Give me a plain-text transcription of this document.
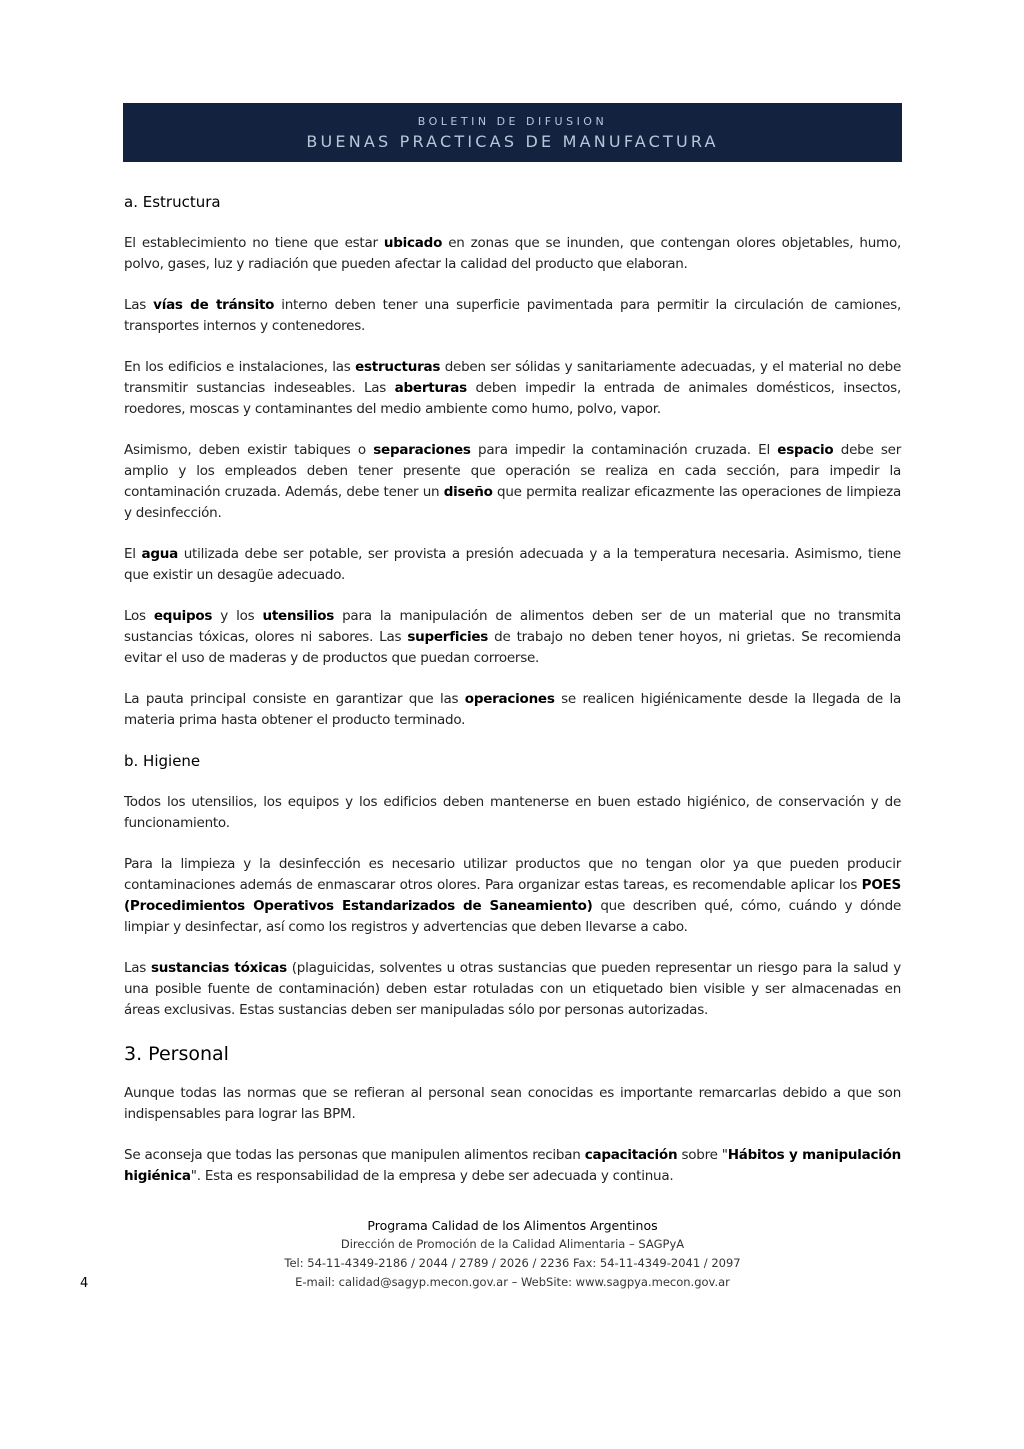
BOLETIN DE DIFUSION
BUENAS PRACTICAS DE MANUFACTURA
a. Estructura

El establecimiento no tiene que estar ubicado en zonas que se inunden, que contengan olores objetables, humo, polvo, gases, luz y radiación que pueden afectar la calidad del producto que elaboran.

Las vías de tránsito interno deben tener una superficie pavimentada para permitir la circulación de camiones, transportes internos y contenedores.

En los edificios e instalaciones, las estructuras deben ser sólidas y sanitariamente adecuadas, y el material no debe transmitir sustancias indeseables. Las aberturas deben impedir la entrada de animales domésticos, insectos, roedores, moscas y contaminantes del medio ambiente como humo, polvo, vapor.

Asimismo, deben existir tabiques o separaciones para impedir la contaminación cruzada. El espacio debe ser amplio y los empleados deben tener presente que operación se realiza en cada sección, para impedir la contaminación cruzada. Además, debe tener un diseño que permita realizar eficazmente las operaciones de limpieza y desinfección.

El agua utilizada debe ser potable, ser provista a presión adecuada y a la temperatura necesaria. Asimismo, tiene que existir un desagüe adecuado.

Los equipos y los utensilios para la manipulación de alimentos deben ser de un material que no transmita sustancias tóxicas, olores ni sabores. Las superficies de trabajo no deben tener hoyos, ni grietas. Se recomienda evitar el uso de maderas y de productos que puedan corroerse.

La pauta principal consiste en garantizar que las operaciones se realicen higiénicamente desde la llegada de la materia prima hasta obtener el producto terminado.

b. Higiene

Todos los utensilios, los equipos y los edificios deben mantenerse en buen estado higiénico, de conservación y de funcionamiento.

Para la limpieza y la desinfección es necesario utilizar productos que no tengan olor ya que pueden producir contaminaciones además de enmascarar otros olores. Para organizar estas tareas, es recomendable aplicar los POES (Procedimientos Operativos Estandarizados de Saneamiento) que describen qué, cómo, cuándo y dónde limpiar y desinfectar, así como los registros y advertencias que deben llevarse a cabo.

Las sustancias tóxicas (plaguicidas, solventes u otras sustancias que pueden representar un riesgo para la salud y una posible fuente de contaminación) deben estar rotuladas con un etiquetado bien visible y ser almacenadas en áreas exclusivas. Estas sustancias deben ser manipuladas sólo por personas autorizadas.

3. Personal

Aunque todas las normas que se refieran al personal sean conocidas es importante remarcarlas debido a que son indispensables para lograr las BPM.

Se aconseja que todas las personas que manipulen alimentos reciban capacitación sobre "Hábitos y manipulación higiénica". Esta es responsabilidad de la empresa y debe ser adecuada y continua.

Programa Calidad de los Alimentos Argentinos
Dirección de Promoción de la Calidad Alimentaria – SAGPyA
Tel: 54-11-4349-2186 / 2044 / 2789 / 2026 / 2236 Fax: 54-11-4349-2041 / 2097
E-mail: calidad@sagyp.mecon.gov.ar – WebSite: www.sagpya.mecon.gov.ar
4
